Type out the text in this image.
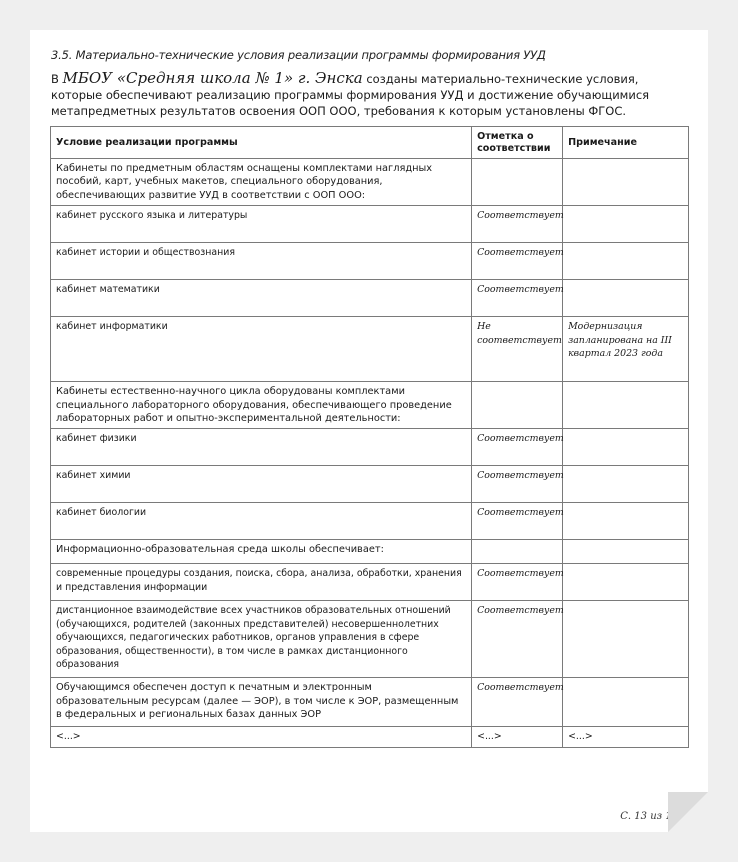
3.5. Материально-техническиe условия реализации программы формирования УУД
В МБОУ «Средняя школа № 1» г. Энска созданы материально-технические условия, которые обеспечивают реализацию программы формирования УУД и достижение обучающимися метапредметных результатов освоения ООП ООО, требования к которым установлены ФГОС.
Условие реализации программы	Отметка о соответствии	Примечание
Кабинеты по предметным областям оснащены комплектами наглядных пособий, карт, учебных макетов, специального оборудования, обеспечивающих развитие УУД в соответствии с ООП ООО:		
кабинет русского языка и литературы	Соответствует	
кабинет истории и обществознания	Соответствует	
кабинет математики	Соответствует	
кабинет информатики	Не соответствует	Модернизация запланирована на III квартал 2023 года
Кабинеты естественно-научного цикла оборудованы комплектами специального лабораторного оборудования, обеспечивающего проведение лабораторных работ и опытно-экспериментальной деятельности:		
кабинет физики	Соответствует	
кабинет химии	Соответствует	
кабинет биологии	Соответствует	
Информационно-образовательная среда школы обеспечивает:		
современные процедуры создания, поиска, сбора, анализа, обработки, хранения и представления информации	Соответствует	
дистанционное взаимодействие всех участников образовательных отношений (обучающихся, родителей (законных представителей) несовершеннолетних обучающихся, педагогических работников, органов управления в сфере образования, общественности), в том числе в рамках дистанционного образования	Соответствует	
Обучающимся обеспечен доступ к печатным и электронным образовательным ресурсам (далее — ЭОР), в том числе к ЭОР, размещенным в федеральных и региональных базах данных ЭОР	Соответствует	
<...>	<...>	<...>
С. 13 из 13
